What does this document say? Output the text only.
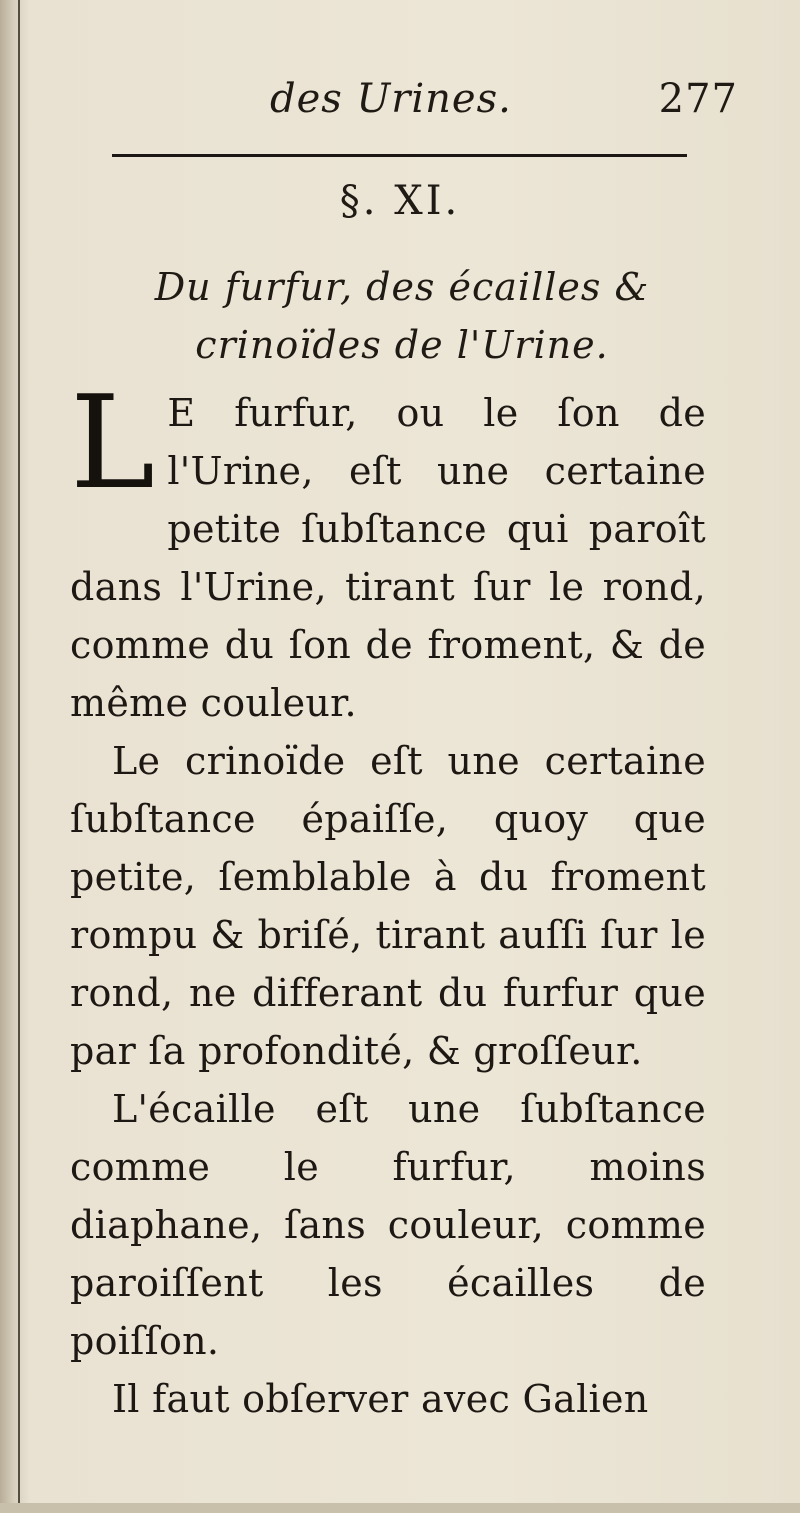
des Urines.	277
§. XI.
Du furfur, des écailles & crinoïdes de l'Urine.

L E furfur, ou le ſon de l'Urine, eſt une certaine petite ſubſtance qui paroît dans l'Urine, tirant ſur le rond, comme du ſon de froment, & de même couleur.

Le crinoïde eſt une certaine ſubſtance épaiſſe, quoy que petite, ſemblable à du froment rompu & briſé, tirant auſſi ſur le rond, ne differant du furfur que par ſa profondité, & groſſeur.

L'écaille eſt une ſubſtance comme le furfur, moins diaphane, ſans couleur, comme paroiſſent les écailles de poiſſon.

Il faut obſerver avec Galien
